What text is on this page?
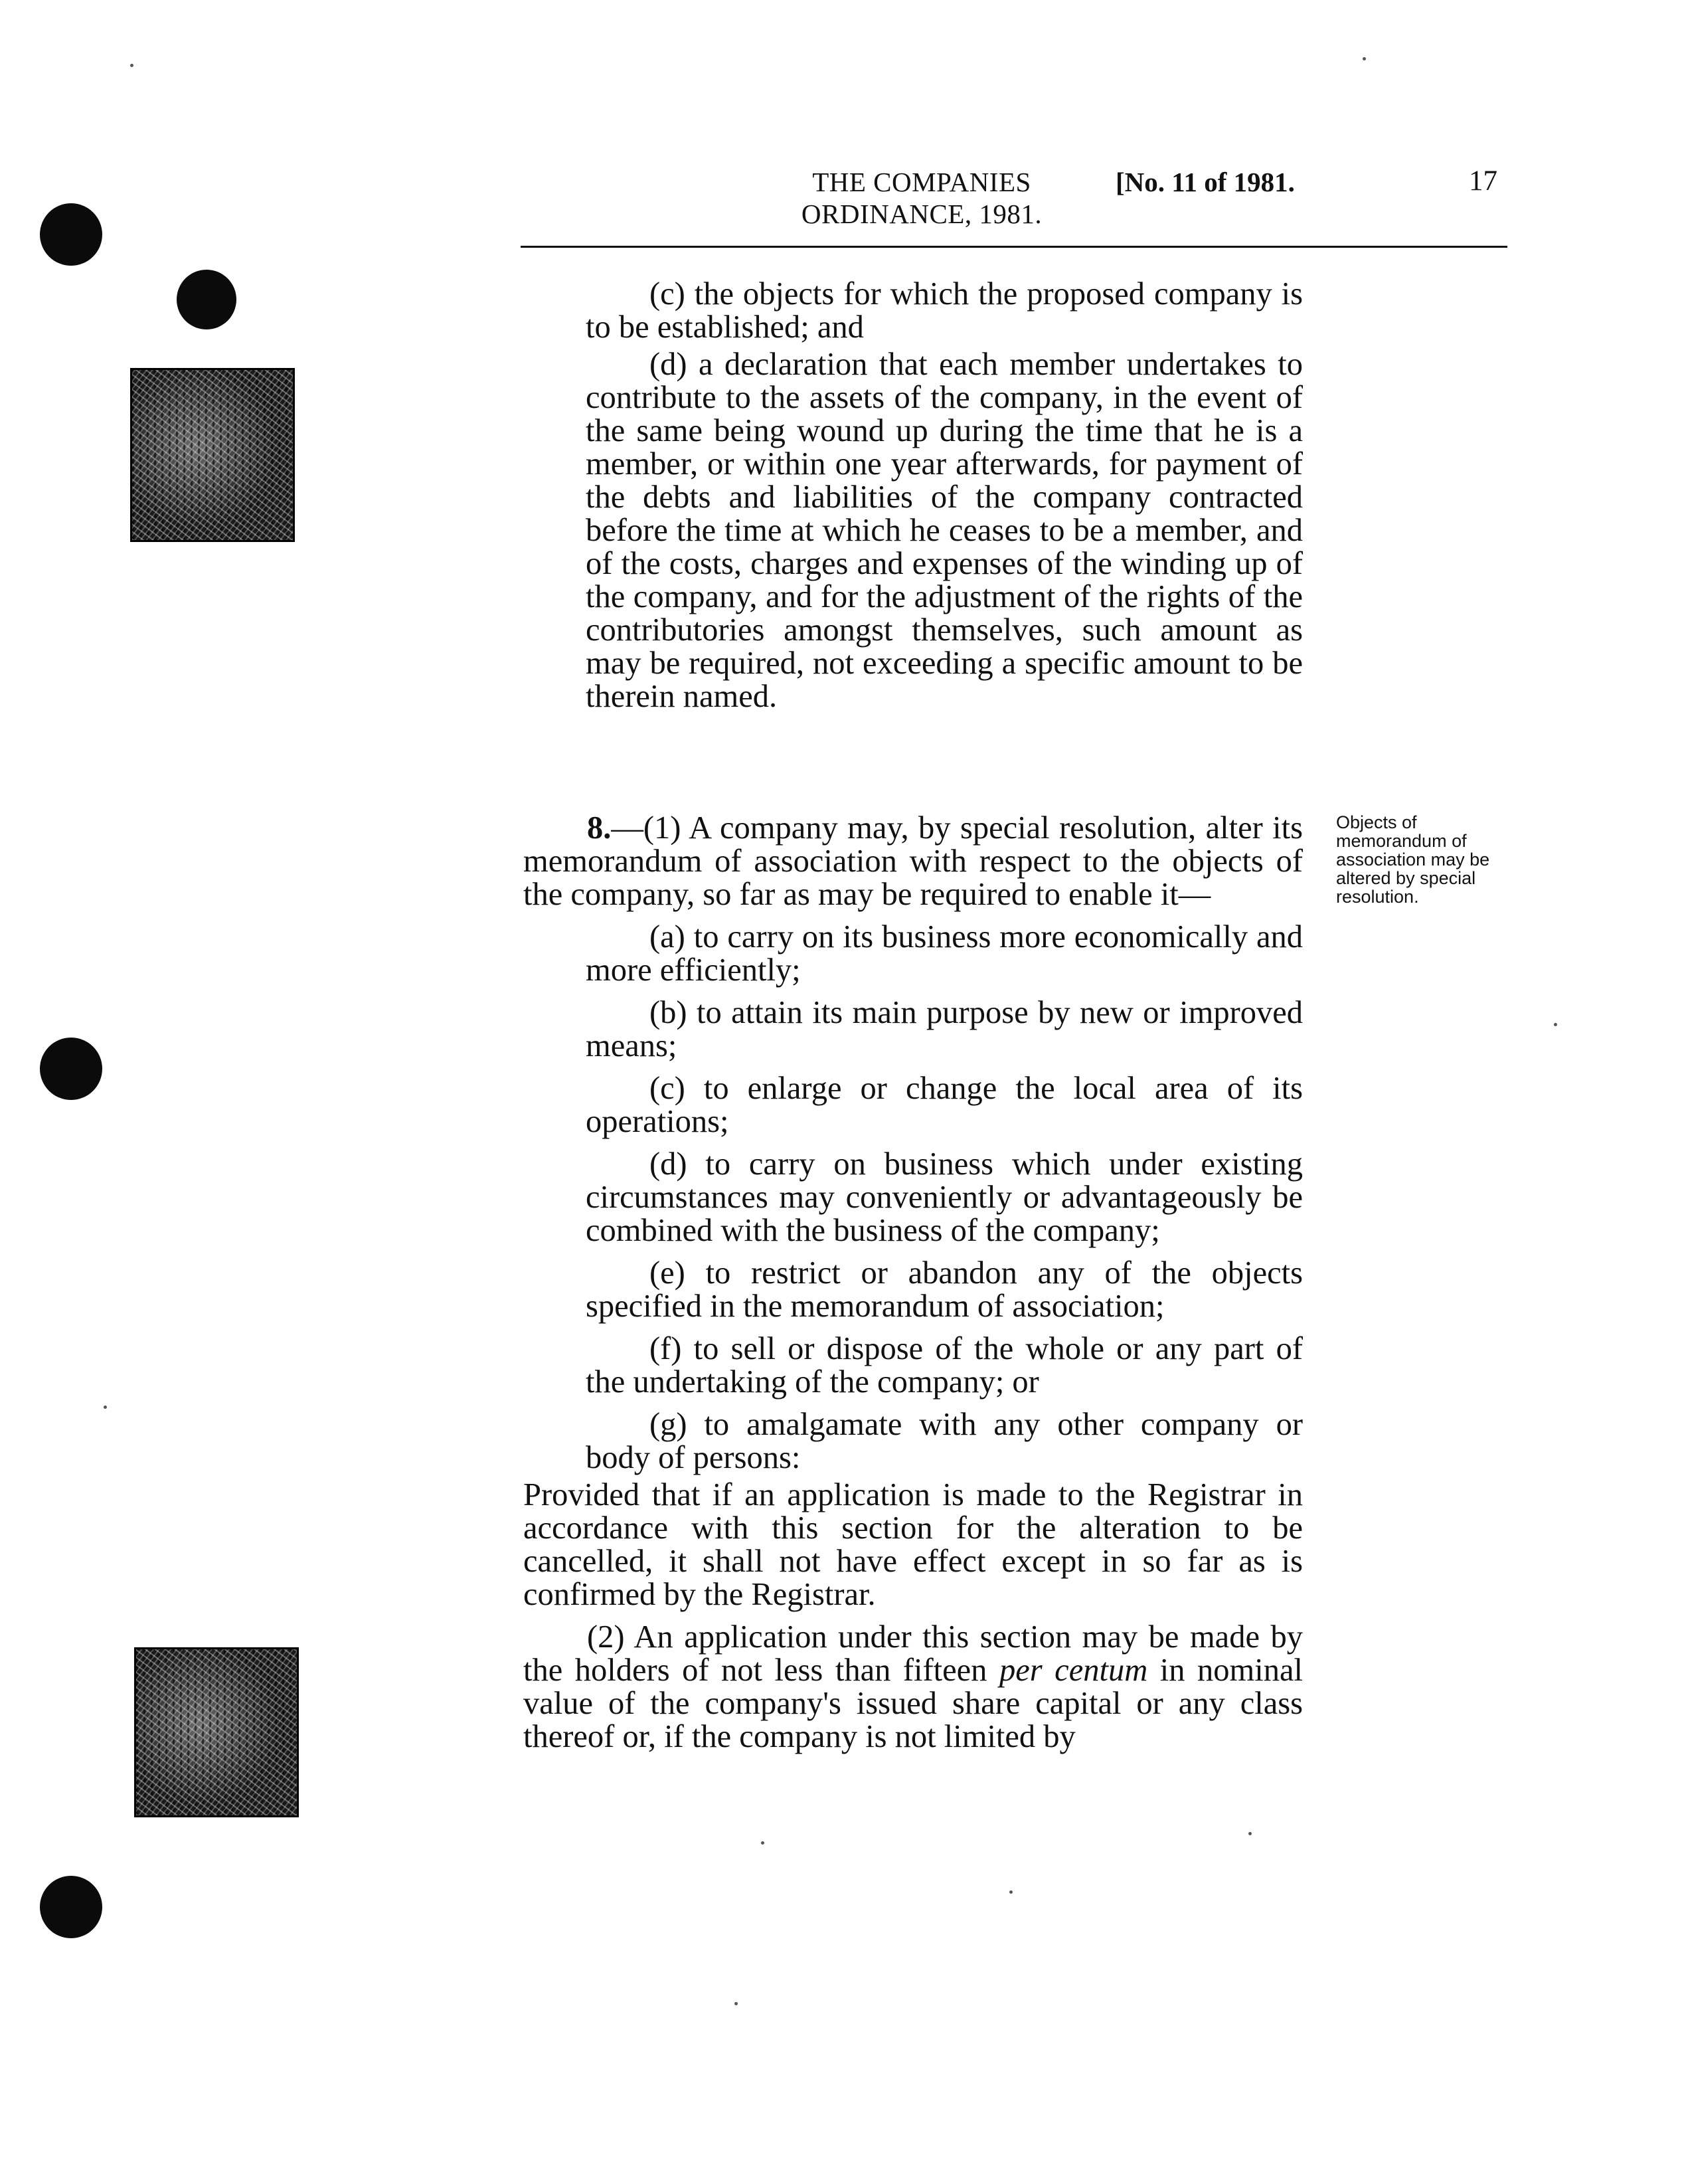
THE COMPANIES
ORDINANCE, 1981.
[No. 11 of 1981.	17

(c) the objects for which the proposed company is to be established; and

(d) a declaration that each member undertakes to contribute to the assets of the company, in the event of the same being wound up during the time that he is a member, or within one year afterwards, for payment of the debts and liabilities of the company contracted before the time at which he ceases to be a member, and of the costs, charges and expenses of the winding up of the company, and for the adjustment of the rights of the contributories amongst themselves, such amount as may be required, not exceeding a specific amount to be therein named.

8.—(1) A company may, by special resolution, alter its memorandum of association with respect to the objects of the company, so far as may be required to enable it—

(a) to carry on its business more economically and more efficiently;

(b) to attain its main purpose by new or improved means;

(c) to enlarge or change the local area of its operations;

(d) to carry on business which under existing circumstances may conveniently or advantageously be combined with the business of the company;

(e) to restrict or abandon any of the objects specified in the memorandum of association;

(f) to sell or dispose of the whole or any part of the undertaking of the company; or

(g) to amalgamate with any other company or body of persons:

Provided that if an application is made to the Registrar in accordance with this section for the alteration to be cancelled, it shall not have effect except in so far as is confirmed by the Registrar.

(2) An application under this section may be made by the holders of not less than fifteen per centum in nominal value of the company's issued share capital or any class thereof or, if the company is not limited by

Objects of memorandum of association may be altered by special resolution.
